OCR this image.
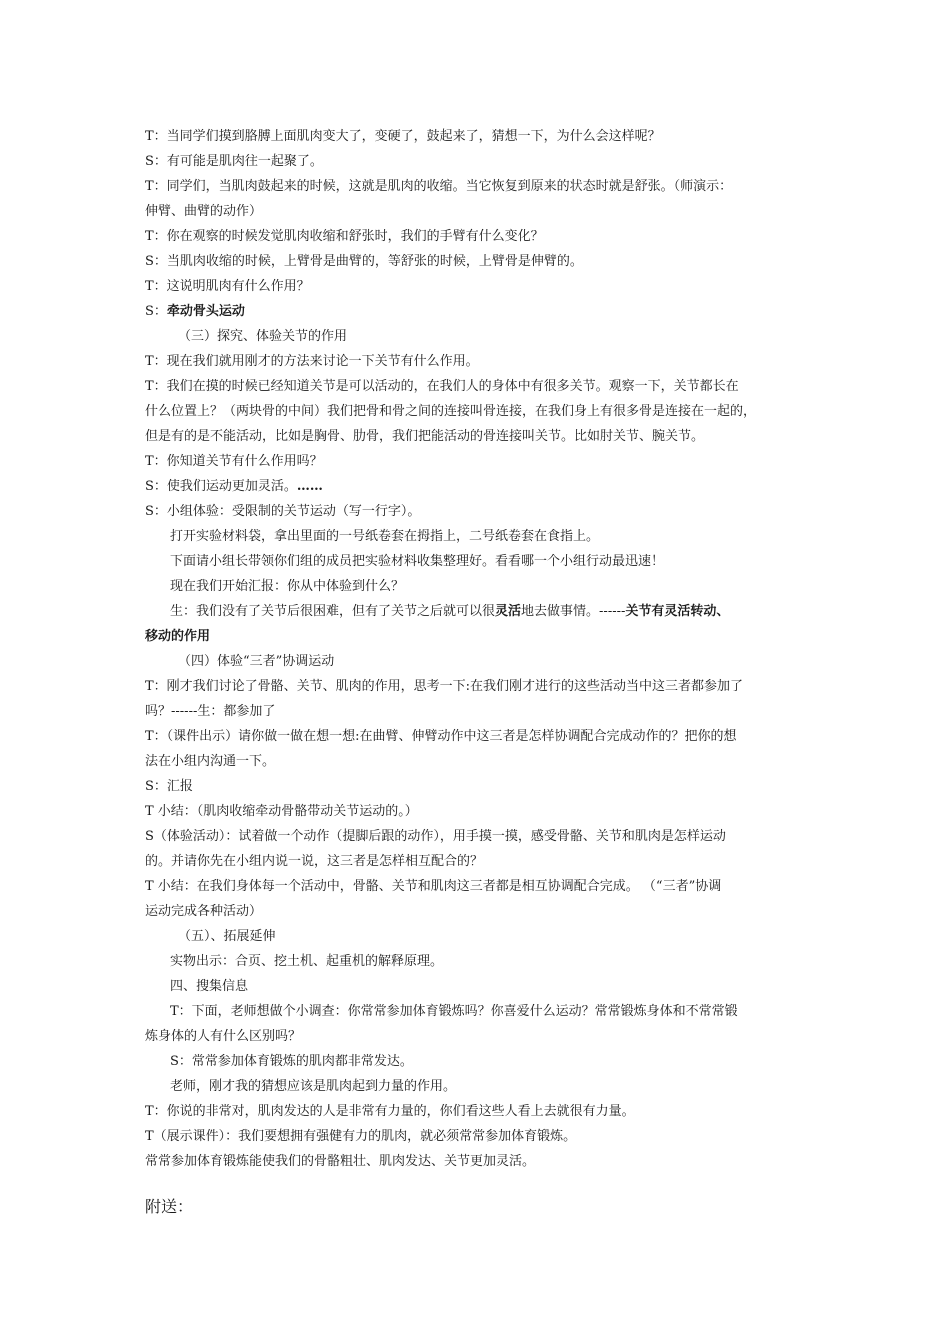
T：当同学们摸到胳膊上面肌肉变大了，变硬了，鼓起来了，猜想一下，为什么会这样呢？
S：有可能是肌肉往一起聚了。
T：同学们，当肌肉鼓起来的时候，这就是肌肉的收缩。当它恢复到原来的状态时就是舒张。（师演示：
伸臂、曲臂的动作）
T：你在观察的时候发觉肌肉收缩和舒张时，我们的手臂有什么变化？
S：当肌肉收缩的时候，上臂骨是曲臂的，等舒张的时候，上臂骨是伸臂的。
T：这说明肌肉有什么作用？
S：牵动骨头运动
（三）探究、体验关节的作用
T：现在我们就用刚才的方法来讨论一下关节有什么作用。
T：我们在摸的时候已经知道关节是可以活动的，在我们人的身体中有很多关节。观察一下，关节都长在
什么位置上？（两块骨的中间）我们把骨和骨之间的连接叫骨连接，在我们身上有很多骨是连接在一起的，
但是有的是不能活动，比如是胸骨、肋骨，我们把能活动的骨连接叫关节。比如肘关节、腕关节。
T：你知道关节有什么作用吗？
S：使我们运动更加灵活。……
S：小组体验：受限制的关节运动（写一行字）。
打开实验材料袋，拿出里面的一号纸卷套在拇指上，二号纸卷套在食指上。
下面请小组长带领你们组的成员把实验材料收集整理好。看看哪一个小组行动最迅速！
现在我们开始汇报：你从中体验到什么？
生：我们没有了关节后很困难，但有了关节之后就可以很灵活地去做事情。------关节有灵活转动、
移动的作用
（四）体验“三者”协调运动
T：刚才我们讨论了骨骼、关节、肌肉的作用，思考一下:在我们刚才进行的这些活动当中这三者都参加了
吗？------生：都参加了
T：（课件出示）请你做一做在想一想:在曲臂、伸臂动作中这三者是怎样协调配合完成动作的？把你的想
法在小组内沟通一下。
S：汇报
T 小结：（肌肉收缩牵动骨骼带动关节运动的。）
S（体验活动）：试着做一个动作（提脚后跟的动作），用手摸一摸，感受骨骼、关节和肌肉是怎样运动
的。并请你先在小组内说一说，这三者是怎样相互配合的？
T 小结：在我们身体每一个活动中，骨骼、关节和肌肉这三者都是相互协调配合完成。 （“三者”协调
运动完成各种活动）
（五）、拓展延伸
实物出示：合页、挖土机、起重机的解释原理。
四、搜集信息
T：下面，老师想做个小调查：你常常参加体育锻炼吗？你喜爱什么运动？常常锻炼身体和不常常锻
炼身体的人有什么区别吗？
S：常常参加体育锻炼的肌肉都非常发达。
老师，刚才我的猜想应该是肌肉起到力量的作用。
T：你说的非常对，肌肉发达的人是非常有力量的，你们看这些人看上去就很有力量。
T（展示课件）：我们要想拥有强健有力的肌肉，就必须常常参加体育锻炼。
常常参加体育锻炼能使我们的骨骼粗壮、肌肉发达、关节更加灵活。
附送：
